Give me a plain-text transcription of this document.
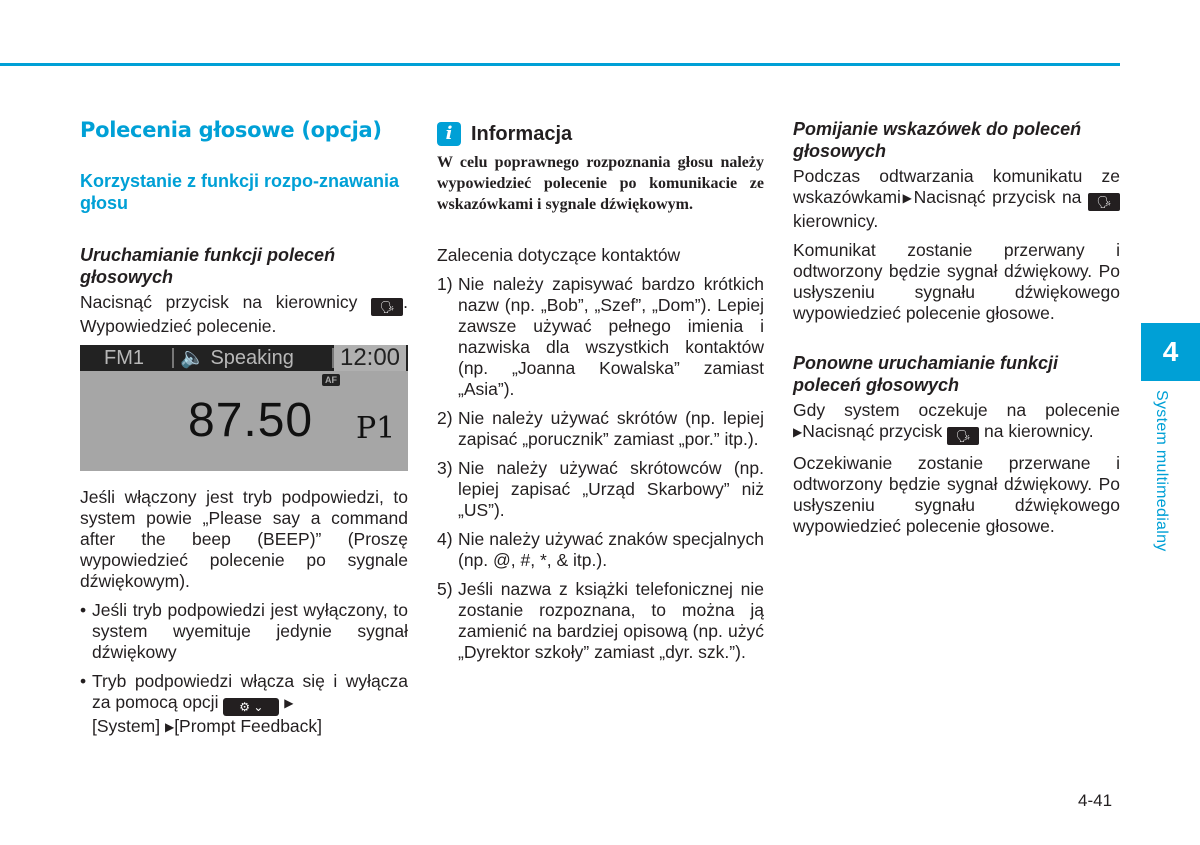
Polecenia głosowe (opcja)
Korzystanie z funkcji rozpo-znawania głosu
Uruchamianie funkcji poleceń głosowych
Nacisnąć przycisk na kierownicy 🗣 . Wypowiedzieć polecenie.
FM1 🔈 Speaking 12:00
AF
87.50 P1
Jeśli włączony jest tryb podpowiedzi, to system powie „Please say a command after the beep (BEEP)” (Proszę wypowiedzieć polecenie po sygnale dźwiękowym).
• Jeśli tryb podpowiedzi jest wyłączony, to system wyemituje jedynie sygnał dźwiękowy
• Tryb podpowiedzi włącza się i wyłącza za pomocą opcji ⚙ ⌄ ▶
[System] ▶[Prompt Feedback]
i Informacja
W celu poprawnego rozpoznania głosu należy wypowiedzieć polecenie po komunikacie ze wskazówkami i sygnale dźwiękowym.
Zalecenia dotyczące kontaktów
1) Nie należy zapisywać bardzo krótkich nazw (np. „Bob”, „Szef”, „Dom”). Lepiej zawsze używać pełnego imienia i nazwiska dla wszystkich kontaktów (np. „Joanna Kowalska” zamiast „Asia”).
2) Nie należy używać skrótów (np. lepiej zapisać „porucznik” zamiast „por.” itp.).
3) Nie należy używać skrótowców (np. lepiej zapisać „Urząd Skarbowy” niż „US”).
4) Nie należy używać znaków specjalnych (np. @, #, *, & itp.).
5) Jeśli nazwa z książki telefonicznej nie zostanie rozpoznana, to można ją zamienić na bardziej opisową (np. użyć „Dyrektor szkoły” zamiast „dyr. szk.”).
Pomijanie wskazówek do poleceń głosowych
Podczas odtwarzania komunikatu ze wskazówkami▶Nacisnąć przycisk na 🗣 kierownicy.
Komunikat zostanie przerwany i odtworzony będzie sygnał dźwiękowy. Po usłyszeniu sygnału dźwiękowego wypowiedzieć polecenie głosowe.
Ponowne uruchamianie funkcji poleceń głosowych
Gdy system oczekuje na polecenie ▶Nacisnąć przycisk 🗣 na kierownicy.
Oczekiwanie zostanie przerwane i odtworzony będzie sygnał dźwiękowy. Po usłyszeniu sygnału dźwiękowego wypowiedzieć polecenie głosowe.
4
System multimedialny
4-41
